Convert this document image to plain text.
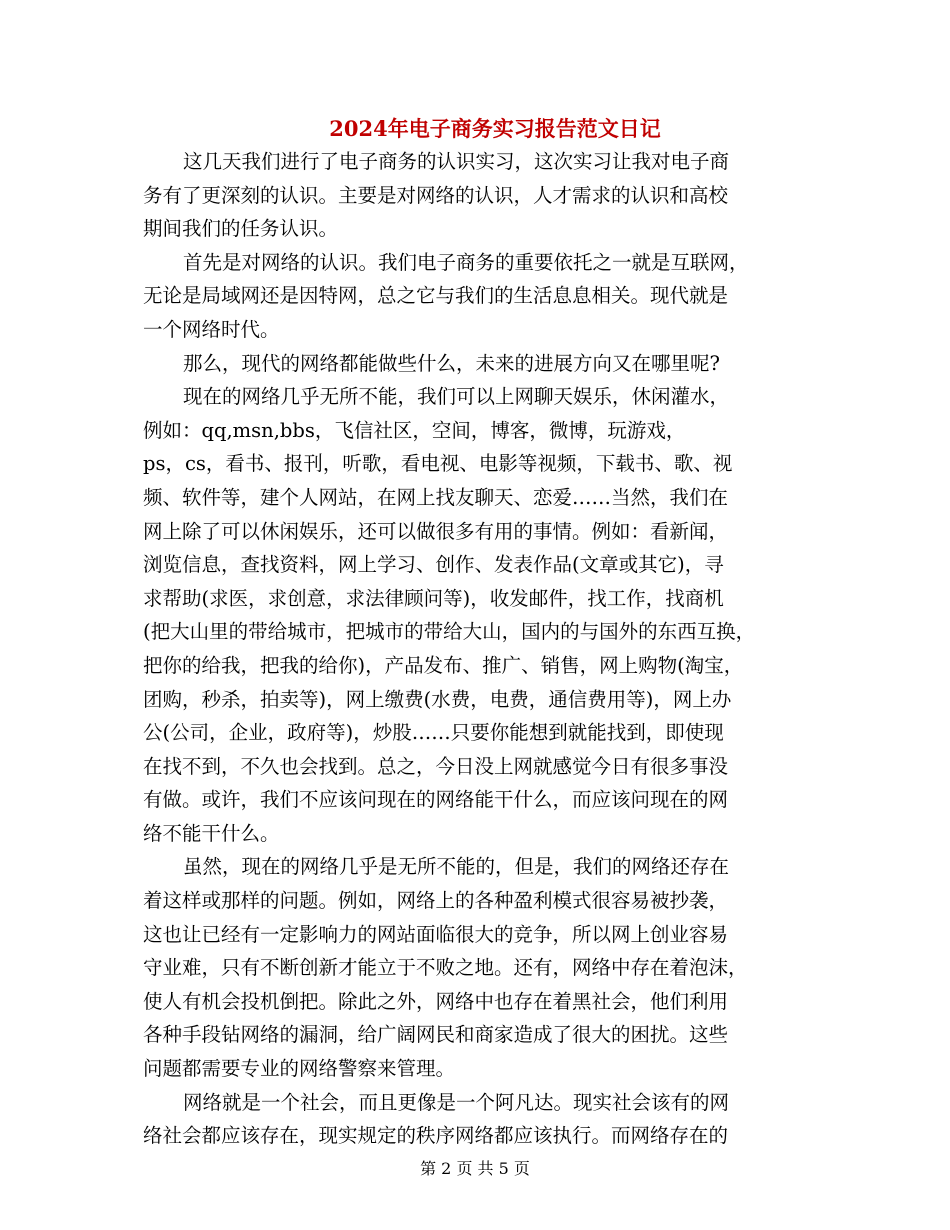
2024年电子商务实习报告范文日记
这几天我们进行了电子商务的认识实习，这次实习让我对电子商
务有了更深刻的认识。主要是对网络的认识，人才需求的认识和高校
期间我们的任务认识。
首先是对网络的认识。我们电子商务的重要依托之一就是互联网，
无论是局域网还是因特网，总之它与我们的生活息息相关。现代就是
一个网络时代。
那么，现代的网络都能做些什么，未来的进展方向又在哪里呢?
现在的网络几乎无所不能，我们可以上网聊天娱乐，休闲灌水，
例如：qq,msn,bbs，飞信社区，空间，博客，微博，玩游戏，
ps，cs，看书、报刊，听歌，看电视、电影等视频，下载书、歌、视
频、软件等，建个人网站，在网上找友聊天、恋爱……当然，我们在
网上除了可以休闲娱乐，还可以做很多有用的事情。例如：看新闻，
浏览信息，查找资料，网上学习、创作、发表作品(文章或其它)，寻
求帮助(求医，求创意，求法律顾问等)，收发邮件，找工作，找商机
(把大山里的带给城市，把城市的带给大山，国内的与国外的东西互换，
把你的给我，把我的给你)，产品发布、推广、销售，网上购物(淘宝，
团购，秒杀，拍卖等)，网上缴费(水费，电费，通信费用等)，网上办
公(公司，企业，政府等)，炒股……只要你能想到就能找到，即使现
在找不到，不久也会找到。总之，今日没上网就感觉今日有很多事没
有做。或许，我们不应该问现在的网络能干什么，而应该问现在的网
络不能干什么。
虽然，现在的网络几乎是无所不能的，但是，我们的网络还存在
着这样或那样的问题。例如，网络上的各种盈利模式很容易被抄袭，
这也让已经有一定影响力的网站面临很大的竞争，所以网上创业容易
守业难，只有不断创新才能立于不败之地。还有，网络中存在着泡沫，
使人有机会投机倒把。除此之外，网络中也存在着黑社会，他们利用
各种手段钻网络的漏洞，给广阔网民和商家造成了很大的困扰。这些
问题都需要专业的网络警察来管理。
网络就是一个社会，而且更像是一个阿凡达。现实社会该有的网
络社会都应该存在，现实规定的秩序网络都应该执行。而网络存在的
第 2 页 共 5 页
